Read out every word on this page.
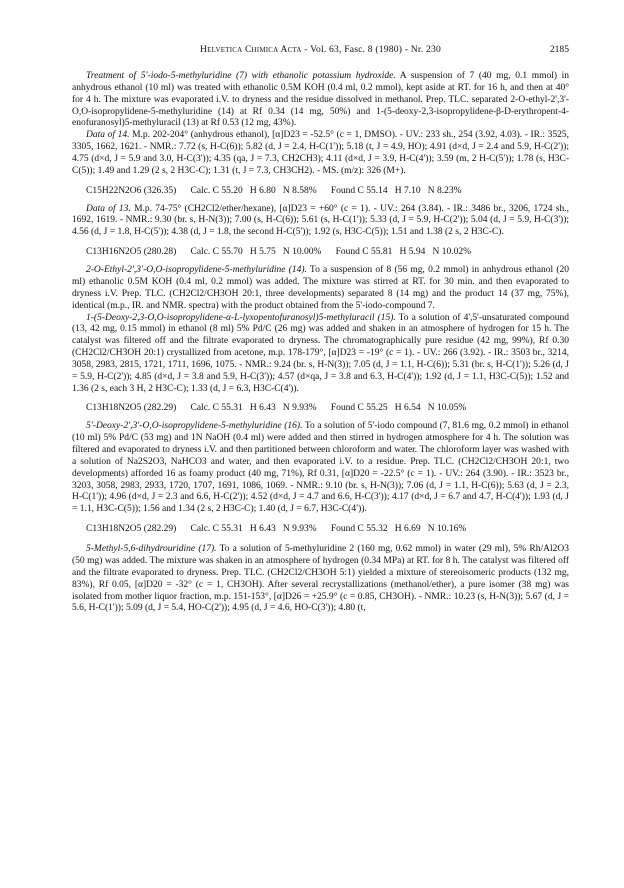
Helvetica Chimica Acta - Vol. 63, Fasc. 8 (1980) - Nr. 230	2185

Treatment of 5'-iodo-5-methyluridine (7) with ethanolic potassium hydroxide. A suspension of 7 (40 mg, 0.1 mmol) in anhydrous ethanol (10 ml) was treated with ethanolic 0.5M KOH (0.4 ml, 0.2 mmol), kept aside at RT. for 16 h, and then at 40° for 4 h. The mixture was evaporated i.V. to dryness and the residue dissolved in methanol. Prep. TLC. separated 2-O-ethyl-2',3'-O,O-isopropylidene-5-methyluridine (14) at Rf 0.34 (14 mg, 50%) and 1-(5-deoxy-2,3-isopropylidene-β-D-erythropent-4-enofuranosyl)5-methyluracil (13) at Rf 0.53 (12 mg, 43%).

Data of 14. M.p. 202-204° (anhydrous ethanol), [α]D23 = -52.5° (c = 1, DMSO). - UV.: 233 sh., 254 (3.92, 4.03). - IR.: 3525, 3305, 1662, 1621. - NMR.: 7.72 (s, H-C(6)); 5.82 (d, J = 2.4, H-C(1')); 5.18 (t, J = 4.9, HO); 4.91 (d×d, J = 2.4 and 5.9, H-C(2')); 4.75 (d×d, J = 5.9 and 3.0, H-C(3')); 4.35 (qa, J = 7.3, CH2CH3); 4.11 (d×d, J = 3.9, H-C(4')); 3.59 (m, 2 H-C(5')); 1.78 (s, H3C-C(5)); 1.49 and 1.29 (2 s, 2 H3C-C); 1.31 (t, J = 7.3, CH3CH2). - MS. (m/z): 326 (M+).

C15H22N2O6 (326.35)      Calc. C 55.20   H 6.80   N 8.58%      Found C 55.14   H 7.10   N 8.23%

Data of 13. M.p. 74-75° (CH2Cl2/ether/hexane), [α]D23 = +60° (c = 1). - UV.: 264 (3.84). - IR.: 3486 br., 3206, 1724 sh., 1692, 1619. - NMR.: 9.30 (br. s, H-N(3)); 7.00 (s, H-C(6)); 5.61 (s, H-C(1')); 5.33 (d, J = 5.9, H-C(2')); 5.04 (d, J = 5.9, H-C(3')); 4.56 (d, J = 1.8, H-C(5')); 4.38 (d, J = 1.8, the second H-C(5')); 1.92 (s, H3C-C(5)); 1.51 and 1.38 (2 s, 2 H3C-C).

C13H16N2O5 (280.28)      Calc. C 55.70   H 5.75   N 10.00%      Found C 55.81   H 5.94   N 10.02%

2-O-Ethyl-2',3'-O,O-isopropylidene-5-methyluridine (14). To a suspension of 8 (56 mg, 0.2 mmol) in anhydrous ethanol (20 ml) ethanolic 0.5M KOH (0.4 ml, 0.2 mmol) was added. The mixture was stirred at RT. for 30 min. and then evaporated to dryness i.V. Prep. TLC. (CH2Cl2/CH3OH 20:1, three developments) separated 8 (14 mg) and the product 14 (37 mg, 75%), identical (m.p., IR. and NMR. spectra) with the product obtained from the 5'-iodo-compound 7.

1-(5-Deoxy-2,3-O,O-isopropylidene-α-L-lyxopentofuranosyl)5-methyluracil (15). To a solution of 4',5'-unsaturated compound (13, 42 mg, 0.15 mmol) in ethanol (8 ml) 5% Pd/C (26 mg) was added and shaken in an atmosphere of hydrogen for 15 h. The catalyst was filtered off and the filtrate evaporated to dryness. The chromatographically pure residue (42 mg, 99%), Rf 0.30 (CH2Cl2/CH3OH 20:1) crystallized from acetone, m.p. 178-179°, [α]D23 = -19° (c = 1). - UV.: 266 (3.92). - IR.: 3503 br., 3214, 3058, 2983, 2815, 1721, 1711, 1696, 1075. - NMR.: 9.24 (br. s, H-N(3)); 7.05 (d, J = 1.1, H-C(6)); 5.31 (br. s, H-C(1')); 5.26 (d, J = 5.9, H-C(2')); 4.85 (d×d, J = 3.8 and 5.9, H-C(3')); 4.57 (d×qa, J = 3.8 and 6.3, H-C(4')); 1.92 (d, J = 1.1, H3C-C(5)); 1.52 and 1.36 (2 s, each 3 H, 2 H3C-C); 1.33 (d, J = 6.3, H3C-C(4')).

C13H18N2O5 (282.29)      Calc. C 55.31   H 6.43   N 9.93%      Found C 55.25   H 6.54   N 10.05%

5'-Deoxy-2',3'-O,O-isopropylidene-5-methyluridine (16). To a solution of 5'-iodo compound (7, 81.6 mg, 0.2 mmol) in ethanol (10 ml) 5% Pd/C (53 mg) and 1N NaOH (0.4 ml) were added and then stirred in hydrogen atmosphere for 4 h. The solution was filtered and evaporated to dryness i.V. and then partitioned between chloroform and water. The chloroform layer was washed with a solution of Na2S2O3, NaHCO3 and water, and then evaporated i.V. to a residue. Prep. TLC. (CH2Cl2/CH3OH 20:1, two developments) afforded 16 as foamy product (40 mg, 71%), Rf 0.31, [α]D20 = -22.5° (c = 1). - UV.: 264 (3.90). - IR.: 3523 br., 3203, 3058, 2983, 2933, 1720, 1707, 1691, 1086, 1069. - NMR.: 9.10 (br. s, H-N(3)); 7.06 (d, J = 1.1, H-C(6)); 5.63 (d, J = 2.3, H-C(1')); 4.96 (d×d, J = 2.3 and 6.6, H-C(2')); 4.52 (d×d, J = 4.7 and 6.6, H-C(3')); 4.17 (d×d, J = 6.7 and 4.7, H-C(4')); 1.93 (d, J = 1.1, H3C-C(5)); 1.56 and 1.34 (2 s, 2 H3C-C); 1.40 (d, J = 6.7, H3C-C(4′)).

C13H18N2O5 (282.29)      Calc. C 55.31   H 6.43   N 9.93%      Found C 55.32   H 6.69   N 10.16%

5-Methyl-5,6-dihydrouridine (17). To a solution of 5-methyluridine 2 (160 mg, 0.62 mmol) in water (29 ml), 5% Rh/Al2O3 (50 mg) was added. The mixture was shaken in an atmosphere of hydrogen (0.34 MPa) at RT. for 8 h. The catalyst was filtered off and the filtrate evaporated to dryness. Prep. TLC. (CH2Cl2/CH3OH 5:1) yielded a mixture of stereoisomeric products (132 mg, 83%), Rf 0.05, [α]D20 = -32° (c = 1, CH3OH). After several recrystallizations (methanol/ether), a pure isomer (38 mg) was isolated from mother liquor fraction, m.p. 151-153°, [α]D26 = +25.9° (c = 0.85, CH3OH). - NMR.: 10.23 (s, H-N(3)); 5.67 (d, J = 5.6, H-C(1')); 5.09 (d, J = 5.4, HO-C(2')); 4.95 (d, J = 4.6, HO-C(3')); 4.80 (t,
